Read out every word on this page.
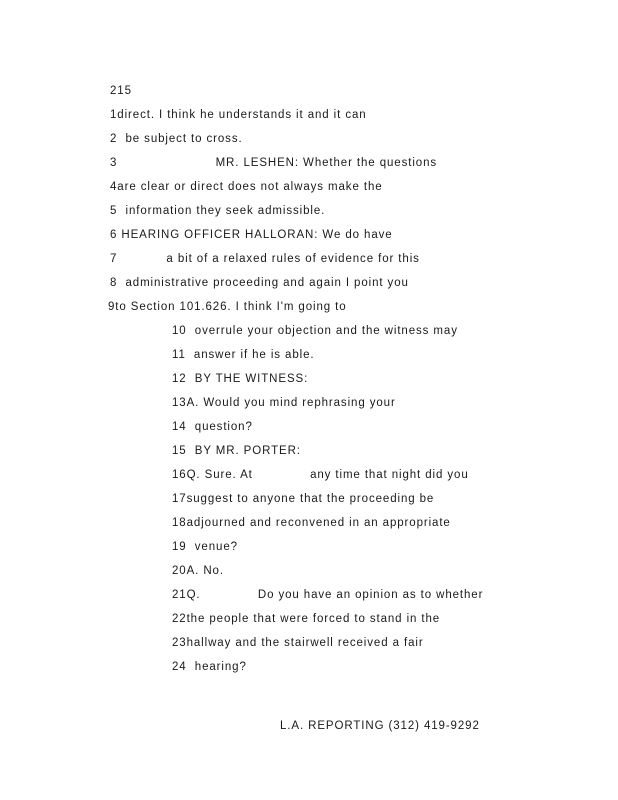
215
1direct. I think he understands it and it can
2  be subject to cross.
3                        MR. LESHEN: Whether the questions
4are clear or direct does not always make the
5  information they seek admissible.
6 HEARING OFFICER HALLORAN: We do have
7            a bit of a relaxed rules of evidence for this
8  administrative proceeding and again I point you
9to Section 101.626. I think I'm going to
10  overrule your objection and the witness may
11  answer if he is able.
12  BY THE WITNESS:
13A. Would you mind rephrasing your
14  question?
15  BY MR. PORTER:
16Q. Sure. At              any time that night did you
17suggest to anyone that the proceeding be
18adjourned and reconvened in an appropriate
19  venue?
20A. No.
21Q.              Do you have an opinion as to whether
22the people that were forced to stand in the
23hallway and the stairwell received a fair
24  hearing?
L.A. REPORTING (312) 419-9292
